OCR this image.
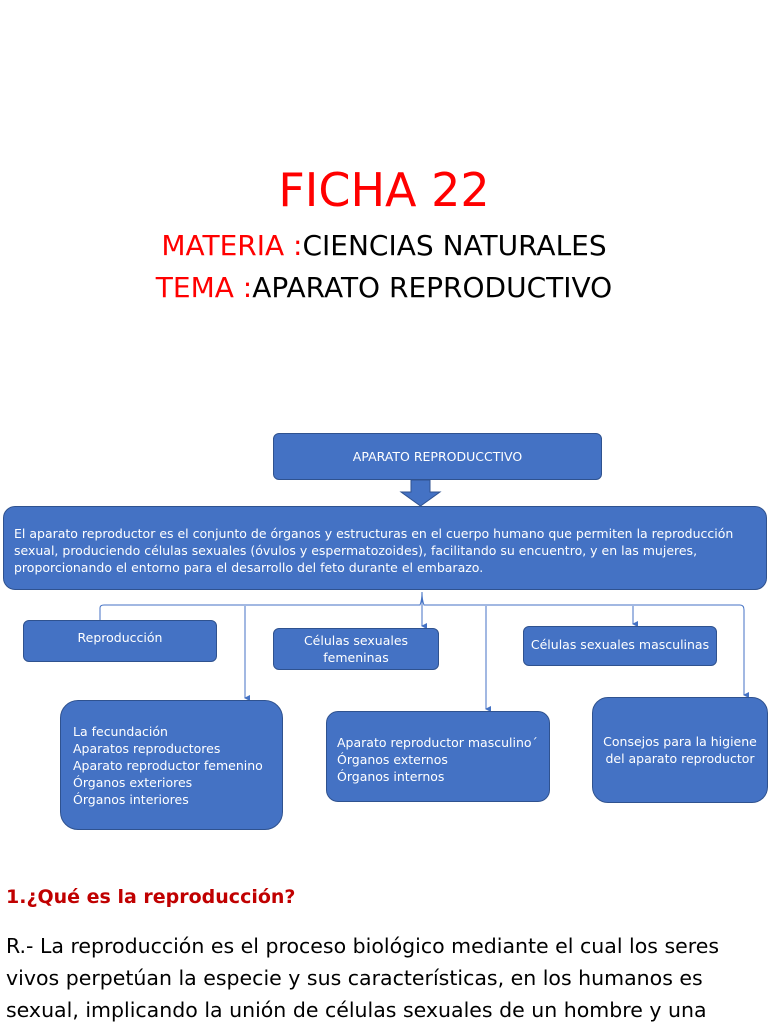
FICHA 22
MATERIA :CIENCIAS NATURALES
TEMA :APARATO REPRODUCTIVO
APARATO REPRODUCCTIVO
El aparato reproductor es el conjunto de órganos y estructuras en el cuerpo humano que permiten la reproducción sexual, produciendo células sexuales (óvulos y espermatozoides), facilitando su encuentro, y en las mujeres, proporcionando el entorno para el desarrollo del feto durante el embarazo.
Reproducción	Células sexuales femeninas
Células sexuales masculinas
La fecundación
Aparatos reproductores
Aparato reproductor femenino
Órganos exteriores
Órganos interiores
Aparato reproductor masculino´
Órganos externos
Órganos internos
Consejos para la higiene del aparato reproductor
1.¿Qué es la reproducción?
R.- La reproducción es el proceso biológico mediante el cual los seres vivos perpetúan la especie y sus características, en los humanos es sexual, implicando la unión de células sexuales de un hombre y una
